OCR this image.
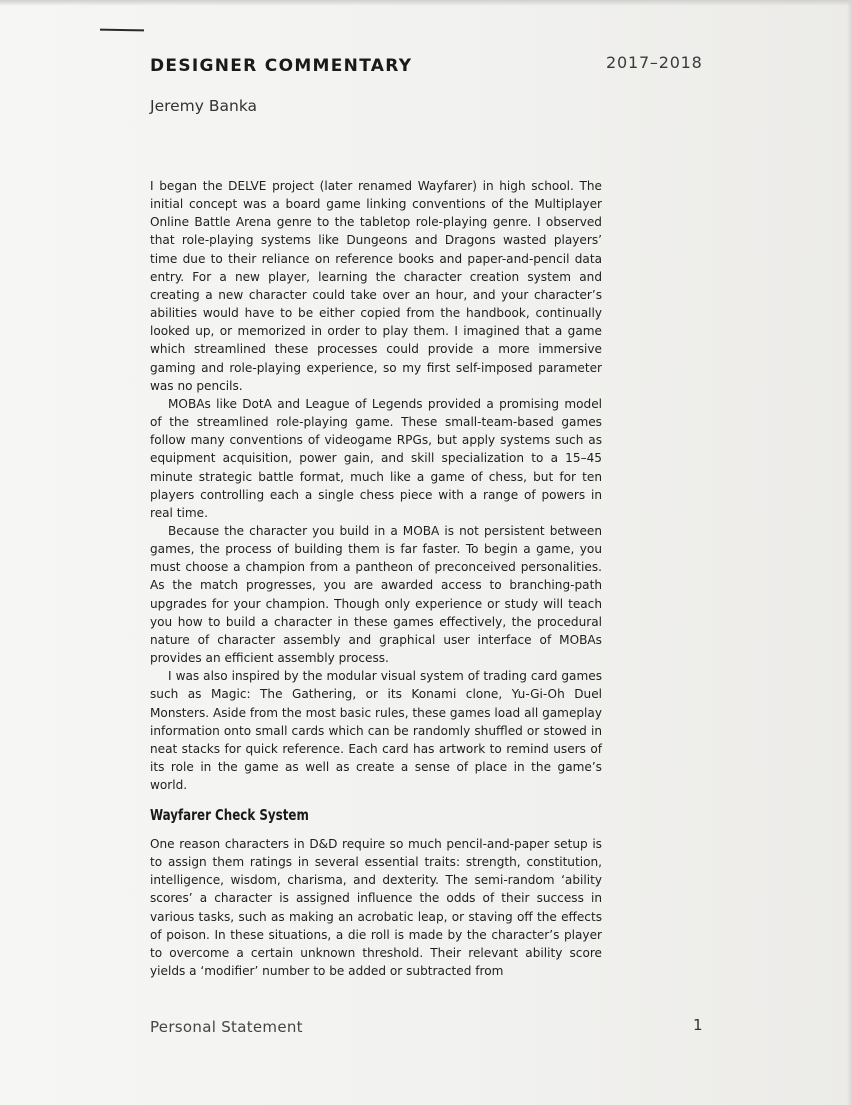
DESIGNER COMMENTARY	2017–2018
Jeremy Banka

I began the DELVE project (later renamed Wayfarer) in high school. The initial concept was a board game linking conventions of the Multiplayer Online Battle Arena genre to the tabletop role-playing genre. I observed that role-playing systems like Dungeons and Dragons wasted players’ time due to their reliance on reference books and paper-and-pencil data entry. For a new player, learning the character creation system and creating a new character could take over an hour, and your character’s abilities would have to be either copied from the handbook, continually looked up, or memorized in order to play them. I imagined that a game which streamlined these processes could provide a more immersive gaming and role-playing experience, so my first self-imposed parameter was no pencils.

MOBAs like DotA and League of Legends provided a promising model of the streamlined role-playing game. These small-team-based games follow many conventions of videogame RPGs, but apply systems such as equipment acquisition, power gain, and skill specialization to a 15–45 minute strategic battle format, much like a game of chess, but for ten players controlling each a single chess piece with a range of powers in real time.

Because the character you build in a MOBA is not persistent between games, the process of building them is far faster. To begin a game, you must choose a champion from a pantheon of preconceived personalities. As the match progresses, you are awarded access to branching-path upgrades for your champion. Though only experience or study will teach you how to build a character in these games effectively, the procedural nature of character assembly and graphical user interface of MOBAs provides an efficient assembly process.

I was also inspired by the modular visual system of trading card games such as Magic: The Gathering, or its Konami clone, Yu-Gi-Oh Duel Monsters. Aside from the most basic rules, these games load all gameplay information onto small cards which can be randomly shuffled or stowed in neat stacks for quick reference. Each card has artwork to remind users of its role in the game as well as create a sense of place in the game’s world.

Wayfarer Check System

One reason characters in D&D require so much pencil-and-paper setup is to assign them ratings in several essential traits: strength, constitution, intelligence, wisdom, charisma, and dexterity. The semi-random ‘ability scores’ a character is assigned influence the odds of their success in various tasks, such as making an acrobatic leap, or staving off the effects of poison. In these situations, a die roll is made by the character’s player to overcome a certain unknown threshold. Their relevant ability score yields a ‘modifier’ number to be added or subtracted from

Personal Statement	1
